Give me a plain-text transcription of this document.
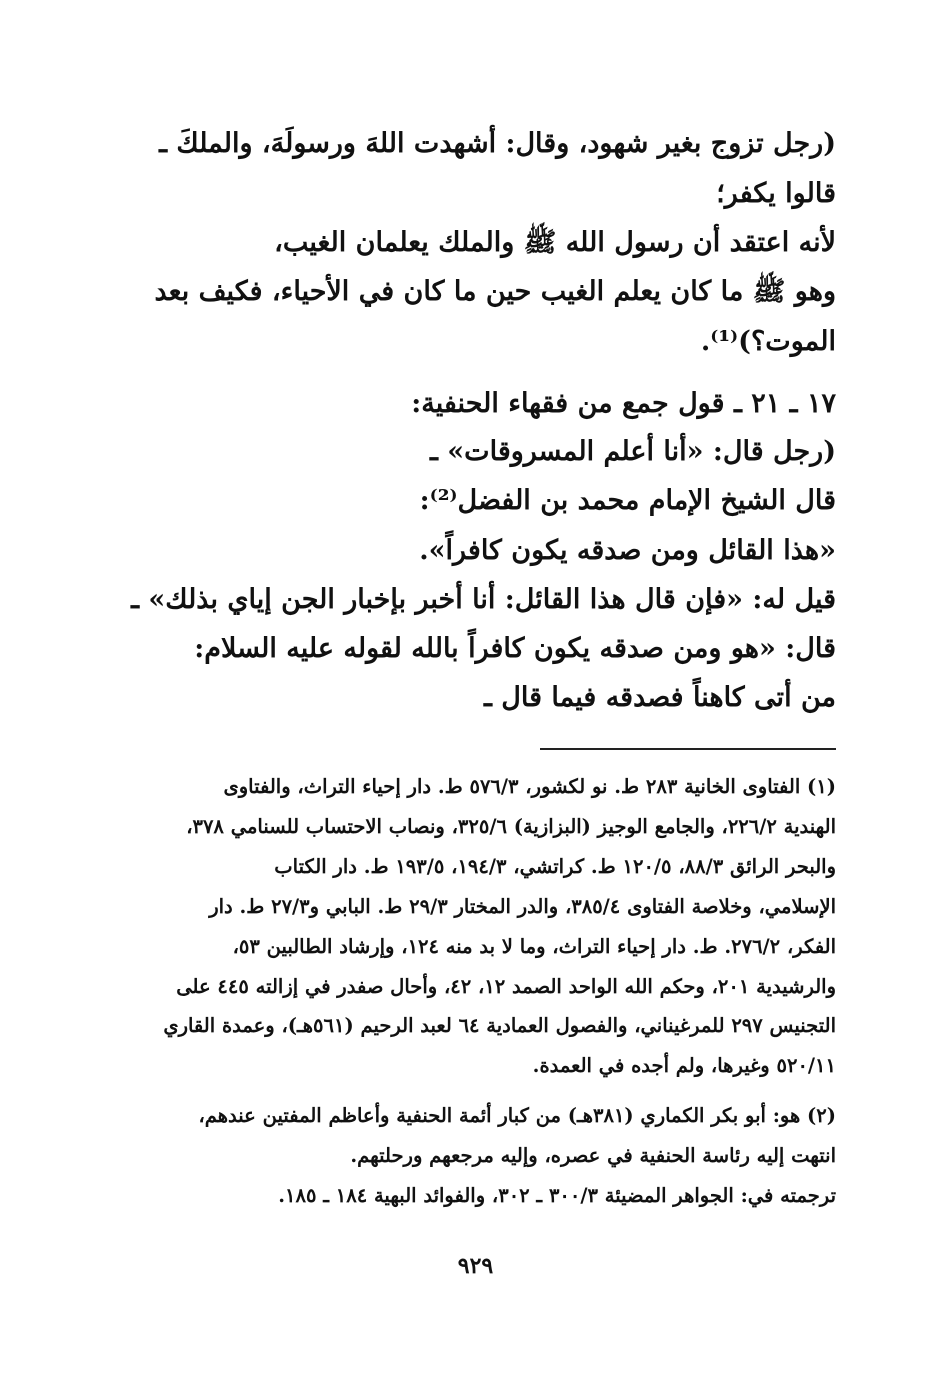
(رجل تزوج بغير شهود، وقال: أشهدت اللهَ ورسولَهَ، والملكَ ـ
قالوا يكفر؛
لأنه اعتقد أن رسول الله ﷺ والملك يعلمان الغيب،
وهو ﷺ ما كان يعلم الغيب حين ما كان في الأحياء، فكيف بعد
الموت؟)⁽¹⁾.
١٧ ـ ٢١ ـ قول جمع من فقهاء الحنفية:
(رجل قال: «أنا أعلم المسروقات» ـ
قال الشيخ الإمام محمد بن الفضل⁽²⁾:
«هذا القائل ومن صدقه يكون كافراً».
قيل له: «فإن قال هذا القائل: أنا أخبر بإخبار الجن إياي بذلك» ـ
قال: «هو ومن صدقه يكون كافراً بالله لقوله عليه السلام:
من أتى كاهناً فصدقه فيما قال ـ
(١) الفتاوى الخانية ٢٨٣ ط. نو لكشور، ٥٧٦/٣ ط. دار إحياء التراث، والفتاوى
الهندية ٢٢٦/٢، والجامع الوجيز (البزازية) ٣٢٥/٦، ونصاب الاحتساب للسنامي ٣٧٨،
والبحر الرائق ٨٨/٣، ١٢٠/٥ ط. كراتشي، ١٩٤/٣، ١٩٣/٥ ط. دار الكتاب
الإسلامي، وخلاصة الفتاوى ٣٨٥/٤، والدر المختار ٢٩/٣ ط. البابي و٢٧/٣ ط. دار
الفكر، ٢٧٦/٢. ط. دار إحياء التراث، وما لا بد منه ١٢٤، وإرشاد الطالبين ٥٣،
والرشيدية ٢٠١، وحكم الله الواحد الصمد ١٢، ٤٢، وأحال صفدر في إزالته ٤٤٥ على
التجنيس ٢٩٧ للمرغيناني، والفصول العمادية ٦٤ لعبد الرحيم (٥٦١هـ)، وعمدة القاري
٥٢٠/١١ وغيرها، ولم أجده في العمدة.
(٢) هو: أبو بكر الكماري (٣٨١هـ) من كبار أئمة الحنفية وأعاظم المفتين عندهم،
انتهت إليه رئاسة الحنفية في عصره، وإليه مرجعهم ورحلتهم.
ترجمته في: الجواهر المضيئة ٣٠٠/٣ ـ ٣٠٢، والفوائد البهية ١٨٤ ـ ١٨٥.
٩٢٩
